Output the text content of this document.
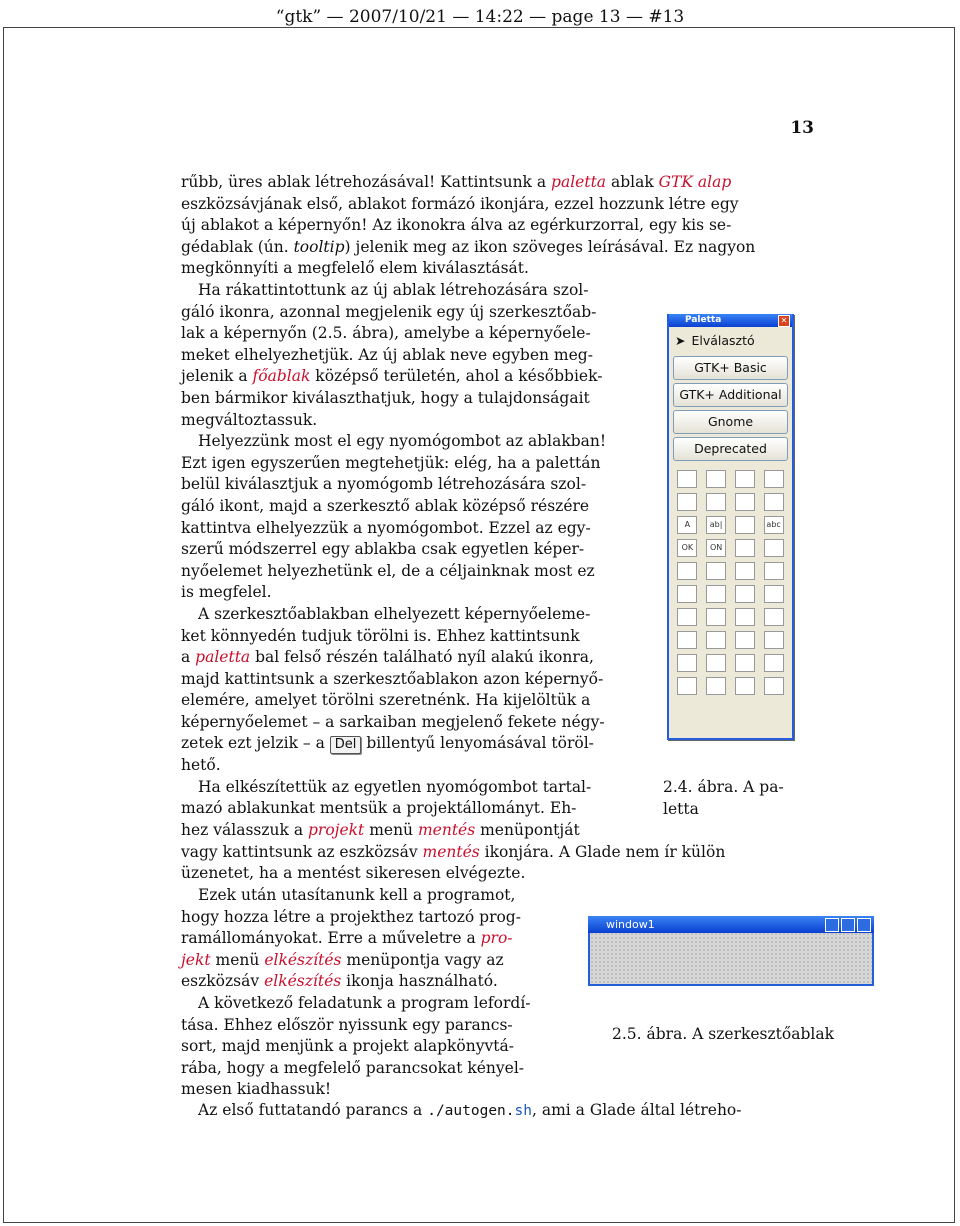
“gtk” — 2007/10/21 — 14:22 — page 13 — #13
13

rűbb, üres ablak létrehozásával! Kattintsunk a paletta ablak GTK alap

eszközsávjának első, ablakot formázó ikonjára, ezzel hozzunk létre egy

új ablakot a képernyőn! Az ikonokra álva az egérkurzorral, egy kis se-

gédablak (ún. tooltip) jelenik meg az ikon szöveges leírásával. Ez nagyon

megkönnyíti a megfelelő elem kiválasztását.

Ha rákattintottunk az új ablak létrehozására szol-

gáló ikonra, azonnal megjelenik egy új szerkesztőab-

lak a képernyőn (2.5. ábra), amelybe a képernyőele-

meket elhelyezhetjük. Az új ablak neve egyben meg-

jelenik a főablak középső területén, ahol a későbbiek-

ben bármikor kiválaszthatjuk, hogy a tulajdonságait

megváltoztassuk.

Helyezzünk most el egy nyomógombot az ablakban!

Ezt igen egyszerűen megtehetjük: elég, ha a palettán

belül kiválasztjuk a nyomógomb létrehozására szol-

gáló ikont, majd a szerkesztő ablak középső részére

kattintva elhelyezzük a nyomógombot. Ezzel az egy-

szerű módszerrel egy ablakba csak egyetlen képer-

nyőelemet helyezhetünk el, de a céljainknak most ez

is megfelel.

A szerkesztőablakban elhelyezett képernyőeleme-

ket könnyedén tudjuk törölni is. Ehhez kattintsunk

a paletta bal felső részén található nyíl alakú ikonra,

majd kattintsunk a szerkesztőablakon azon képernyő-

elemére, amelyet törölni szeretnénk. Ha kijelöltük a

képernyőelemet – a sarkaiban megjelenő fekete négy-

zetek ezt jelzik – a Del billentyű lenyomásával töröl-

hető.

Ha elkészítettük az egyetlen nyomógombot tartal-

mazó ablakunkat mentsük a projektállományt. Eh-

hez válasszuk a projekt menü mentés menüpontját

vagy kattintsunk az eszközsáv mentés ikonjára. A Glade nem ír külön

üzenetet, ha a mentést sikeresen elvégezte.

Ezek után utasítanunk kell a programot,

hogy hozza létre a projekthez tartozó prog-

ramállományokat. Erre a műveletre a pro-

jekt menü elkészítés menüpontja vagy az

eszközsáv elkészítés ikonja használható.

A következő feladatunk a program lefordí-

tása. Ehhez először nyissunk egy parancs-

sort, majd menjünk a projekt alapkönyvtá-

rába, hogy a megfelelő parancsokat kényel-

mesen kiadhassuk!

Az első futtatandó parancs a ./autogen.sh, ami a Glade által létreho-

2.4. ábra. A pa-
letta
2.5. ábra. A szerkesztőablak
Paletta	✕
➤ Elválasztó
GTK+ Basic
GTK+ Additional
Gnome
Deprecated
A	ab|	abc
OK	ON
window1
